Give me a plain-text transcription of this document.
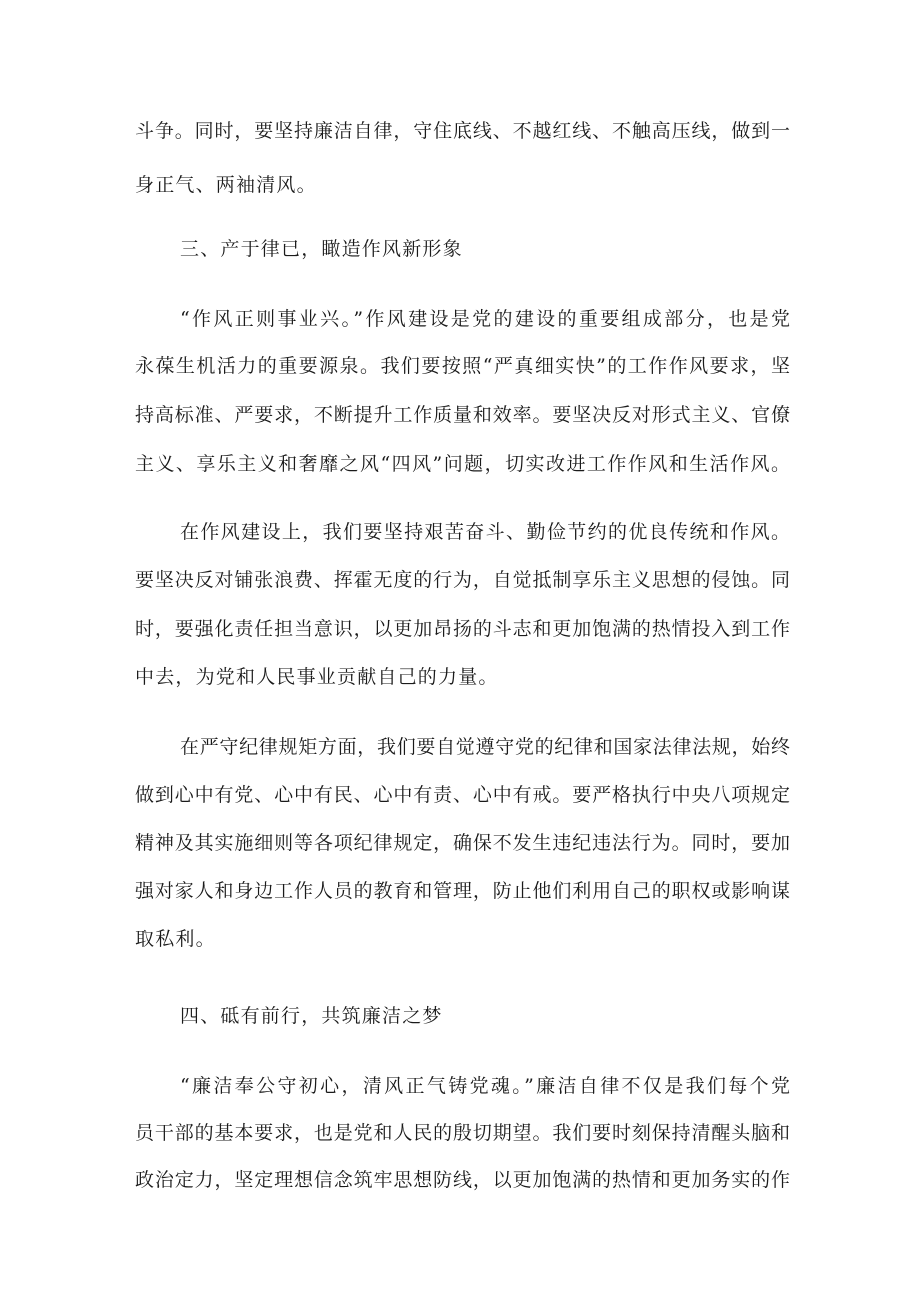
斗争。同时，要坚持廉洁自律，守住底线、不越红线、不触高压线，做到一
身正气、两袖清风。
三、产于律已，瞰造作风新形象
“作风正则事业兴。”作风建设是党的建设的重要组成部分，也是党
永葆生机活力的重要源泉。我们要按照“严真细实快”的工作作风要求，坚
持高标准、严要求，不断提升工作质量和效率。要坚决反对形式主义、官僚
主义、享乐主义和奢靡之风“四风”问题，切实改进工作作风和生活作风。
在作风建设上，我们要坚持艰苦奋斗、勤俭节约的优良传统和作风。
要坚决反对铺张浪费、挥霍无度的行为，自觉抵制享乐主义思想的侵蚀。同
时，要强化责任担当意识，以更加昂扬的斗志和更加饱满的热情投入到工作
中去，为党和人民事业贡献自己的力量。
在严守纪律规矩方面，我们要自觉遵守党的纪律和国家法律法规，始终
做到心中有党、心中有民、心中有责、心中有戒。要严格执行中央八项规定
精神及其实施细则等各项纪律规定，确保不发生违纪违法行为。同时，要加
强对家人和身边工作人员的教育和管理，防止他们利用自己的职权或影响谋
取私利。
四、砥有前行，共筑廉洁之梦
“廉洁奉公守初心，清风正气铸党魂。”廉洁自律不仅是我们每个党
员干部的基本要求，也是党和人民的殷切期望。我们要时刻保持清醒头脑和
政治定力，坚定理想信念筑牢思想防线，以更加饱满的热情和更加务实的作
